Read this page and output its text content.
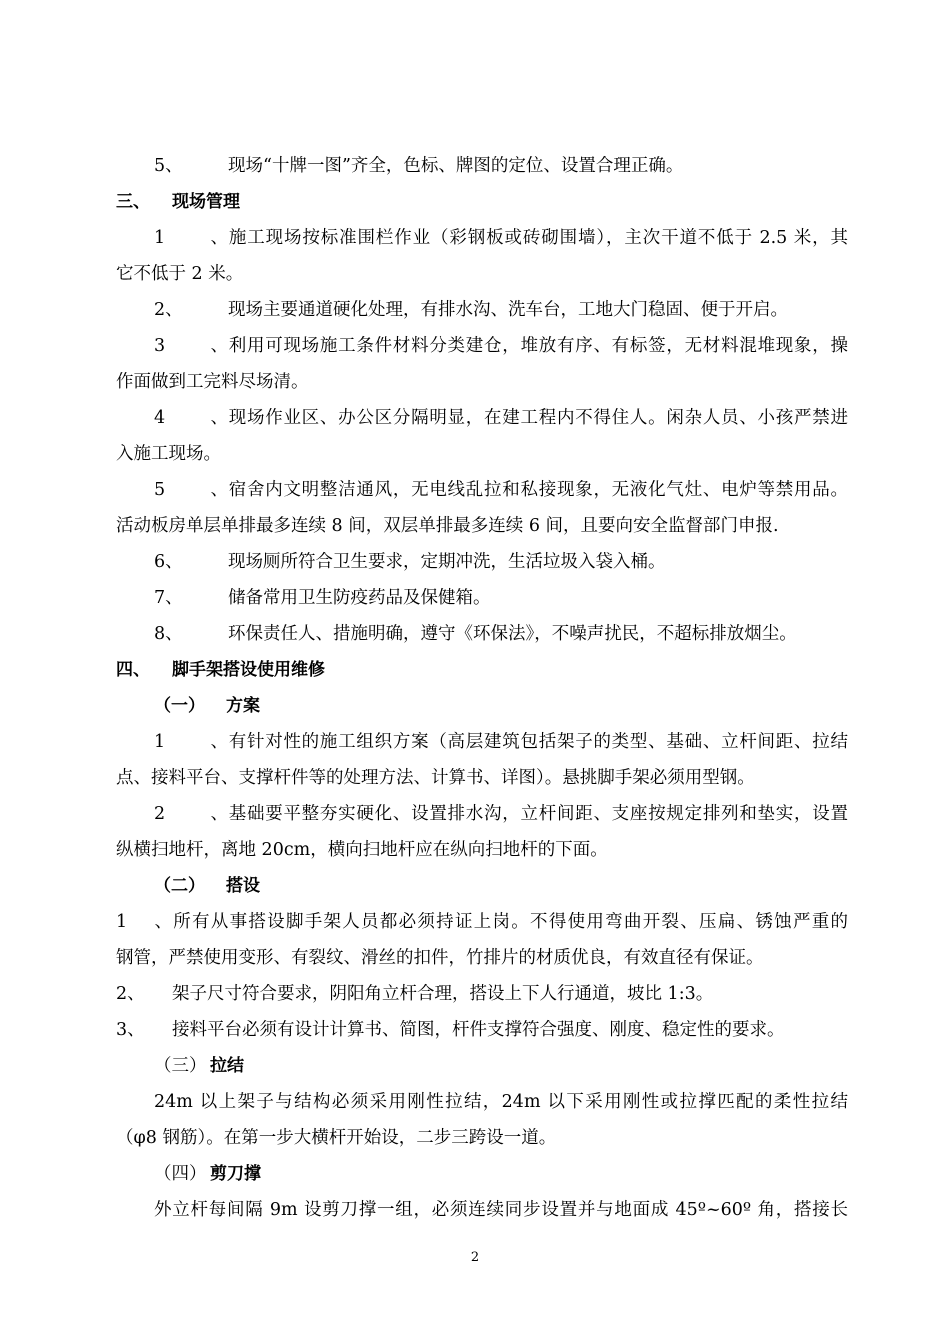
5、	现场“十牌一图”齐全，色标、牌图的定位、设置合理正确。
三、 现场管理
1、施工现场按标准围栏作业（彩钢板或砖砌围墙），主次干道不低于 2.5 米，其
它不低于 2 米。
2、	现场主要通道硬化处理，有排水沟、洗车台，工地大门稳固、便于开启。
3、利用可现场施工条件材料分类建仓，堆放有序、有标签，无材料混堆现象，操
作面做到工完料尽场清。
4、现场作业区、办公区分隔明显，在建工程内不得住人。闲杂人员、小孩严禁进
入施工现场。
5、宿舍内文明整洁通风，无电线乱拉和私接现象，无液化气灶、电炉等禁用品。
活动板房单层单排最多连续 8 间，双层单排最多连续 6 间，且要向安全监督部门申报.
6、	现场厕所符合卫生要求，定期冲洗，生活垃圾入袋入桶。
7、	储备常用卫生防疫药品及保健箱。
8、	环保责任人、措施明确，遵守《环保法》，不噪声扰民，不超标排放烟尘。
四、 脚手架搭设使用维修
（一） 方案
1、有针对性的施工组织方案（高层建筑包括架子的类型、基础、立杆间距、拉结
点、接料平台、支撑杆件等的处理方法、计算书、详图）。悬挑脚手架必须用型钢。
2、基础要平整夯实硬化、设置排水沟，立杆间距、支座按规定排列和垫实，设置
纵横扫地杆，离地 20cm，横向扫地杆应在纵向扫地杆的下面。
（二） 搭设
1、所有从事搭设脚手架人员都必须持证上岗。不得使用弯曲开裂、压扁、锈蚀严重的
钢管，严禁使用变形、有裂纹、滑丝的扣件，竹排片的材质优良，有效直径有保证。
2、 架子尺寸符合要求，阴阳角立杆合理，搭设上下人行通道，坡比 1:3。
3、 接料平台必须有设计计算书、简图，杆件支撑符合强度、刚度、稳定性的要求。
（三） 拉结
24m 以上架子与结构必须采用刚性拉结，24m 以下采用刚性或拉撑匹配的柔性拉结
（φ8 钢筋）。在第一步大横杆开始设，二步三跨设一道。
（四） 剪刀撑
外立杆每间隔 9m 设剪刀撑一组，必须连续同步设置并与地面成 45º~60º 角，搭接长
2
